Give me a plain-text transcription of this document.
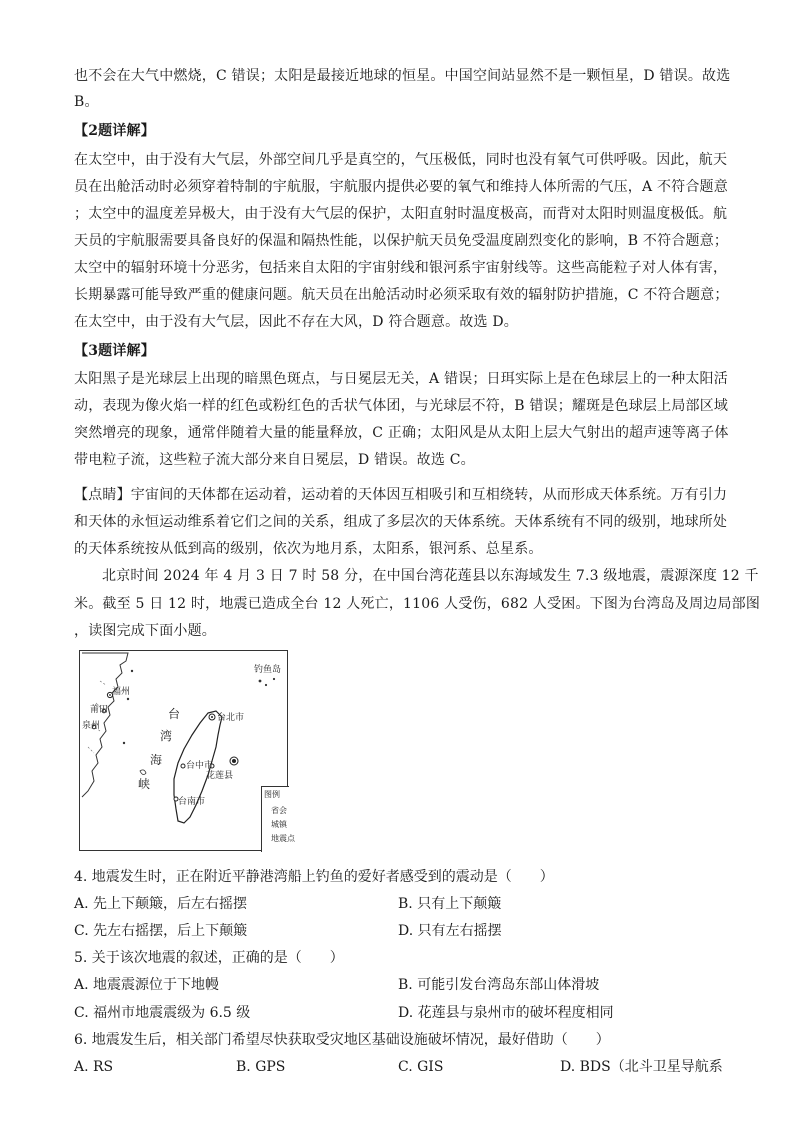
也不会在大气中燃烧，C 错误；太阳是最接近地球的恒星。中国空间站显然不是一颗恒星，D 错误。故选
B。
【2题详解】
在太空中，由于没有大气层，外部空间几乎是真空的，气压极低，同时也没有氧气可供呼吸。因此，航天
员在出舱活动时必须穿着特制的宇航服，宇航服内提供必要的氧气和维持人体所需的气压，A 不符合题意
；太空中的温度差异极大，由于没有大气层的保护，太阳直射时温度极高，而背对太阳时则温度极低。航
天员的宇航服需要具备良好的保温和隔热性能，以保护航天员免受温度剧烈变化的影响，B 不符合题意；
太空中的辐射环境十分恶劣，包括来自太阳的宇宙射线和银河系宇宙射线等。这些高能粒子对人体有害，
长期暴露可能导致严重的健康问题。航天员在出舱活动时必须采取有效的辐射防护措施，C 不符合题意；
在太空中，由于没有大气层，因此不存在大风，D 符合题意。故选 D。
【3题详解】
太阳黑子是光球层上出现的暗黑色斑点，与日冕层无关，A 错误；日珥实际上是在色球层上的一种太阳活
动，表现为像火焰一样的红色或粉红色的舌状气体团，与光球层不符，B 错误；耀斑是色球层上局部区域
突然增亮的现象，通常伴随着大量的能量释放，C 正确；太阳风是从太阳上层大气射出的超声速等离子体
带电粒子流，这些粒子流大部分来自日冕层，D 错误。故选 C。
【点睛】宇宙间的天体都在运动着，运动着的天体因互相吸引和互相绕转，从而形成天体系统。万有引力
和天体的永恒运动维系着它们之间的关系，组成了多层次的天体系统。天体系统有不同的级别，地球所处
的天体系统按从低到高的级别，依次为地月系，太阳系，银河系、总星系。
北京时间 2024 年 4 月 3 日 7 时 58 分，在中国台湾花莲县以东海域发生 7.3 级地震，震源深度 12 千
米。截至 5 日 12 时，地震已造成全台 12 人死亡，1106 人受伤，682 人受困。下图为台湾岛及周边局部图
，读图完成下面小题。
钓鱼岛
福州
莆田
泉州
台
湾
海
峡
台北市
台中市
花莲县
台南市
图例
省会
城镇
地震点
4. 地震发生时，正在附近平静港湾船上钓鱼的爱好者感受到的震动是（　　）
A. 先上下颠簸，后左右摇摆	B. 只有上下颠簸
C. 先左右摇摆，后上下颠簸	D. 只有左右摇摆
5. 关于该次地震的叙述，正确的是（　　）
A. 地震震源位于下地幔	B. 可能引发台湾岛东部山体滑坡
C. 福州市地震震级为 6.5 级	D. 花莲县与泉州市的破坏程度相同
6. 地震发生后，相关部门希望尽快获取受灾地区基础设施破坏情况，最好借助（　　）
A. RS	B. GPS	C. GIS	D. BDS（北斗卫星导航系
